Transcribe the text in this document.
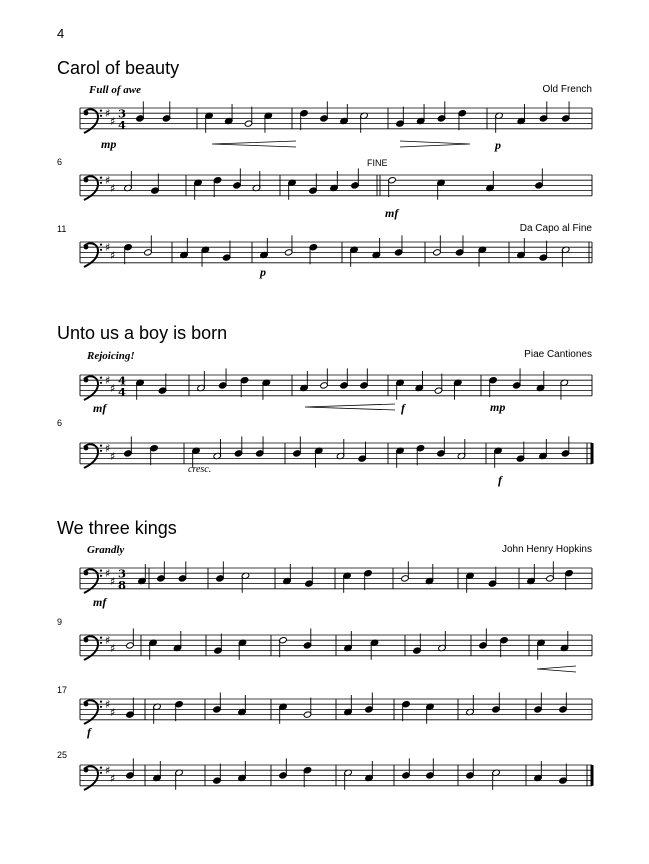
♯
♯
3
4
♯
♯
♯
♯
♯
♯
4
4
♯
♯
♯
♯
3
8
♯
♯
♯
♯
♯
♯
4
Carol of beauty
Old French
Full of awe
mp	p
6	FINE
mf
11	Da Capo al Fine
p
Unto us a boy is born
Piae Cantiones
Rejoicing!
mf	f	mp
6
cresc.
f
We three kings
John Henry Hopkins
Grandly
mf
9
17
f
25
